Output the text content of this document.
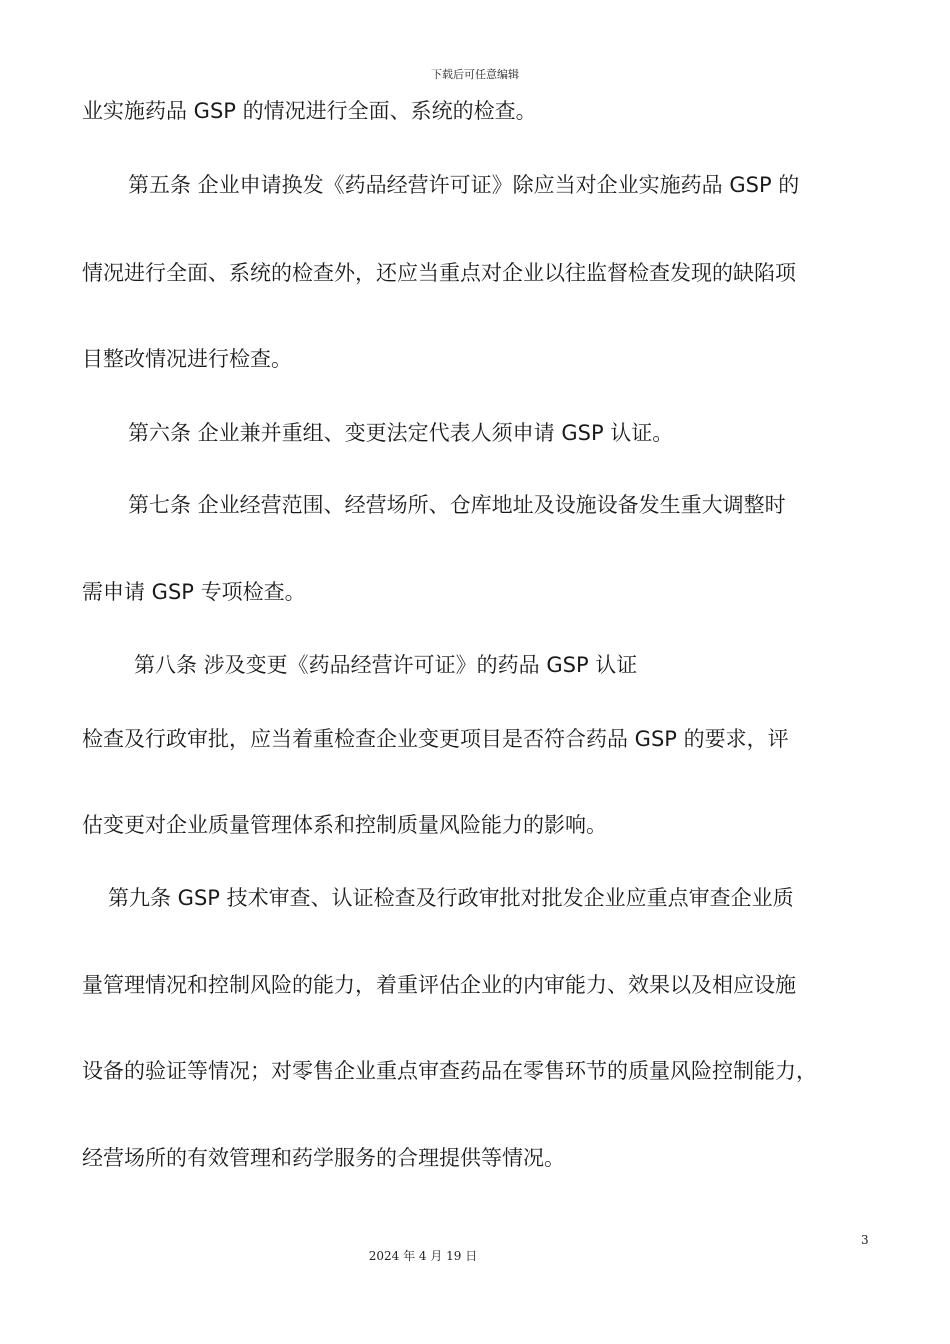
下载后可任意编辑
业实施药品 GSP 的情况进行全面、系统的检查。
第五条 企业申请换发《药品经营许可证》除应当对企业实施药品 GSP 的
情况进行全面、系统的检查外，还应当重点对企业以往监督检查发现的缺陷项
目整改情况进行检查。
第六条 企业兼并重组、变更法定代表人须申请 GSP 认证。
第七条 企业经营范围、经营场所、仓库地址及设施设备发生重大调整时
需申请 GSP 专项检查。
第八条 涉及变更《药品经营许可证》的药品 GSP 认证
检查及行政审批，应当着重检查企业变更项目是否符合药品 GSP 的要求，评
估变更对企业质量管理体系和控制质量风险能力的影响。
第九条 GSP 技术审查、认证检查及行政审批对批发企业应重点审查企业质
量管理情况和控制风险的能力，着重评估企业的内审能力、效果以及相应设施
设备的验证等情况；对零售企业重点审查药品在零售环节的质量风险控制能力，
经营场所的有效管理和药学服务的合理提供等情况。
3
2024 年 4 月 19 日
